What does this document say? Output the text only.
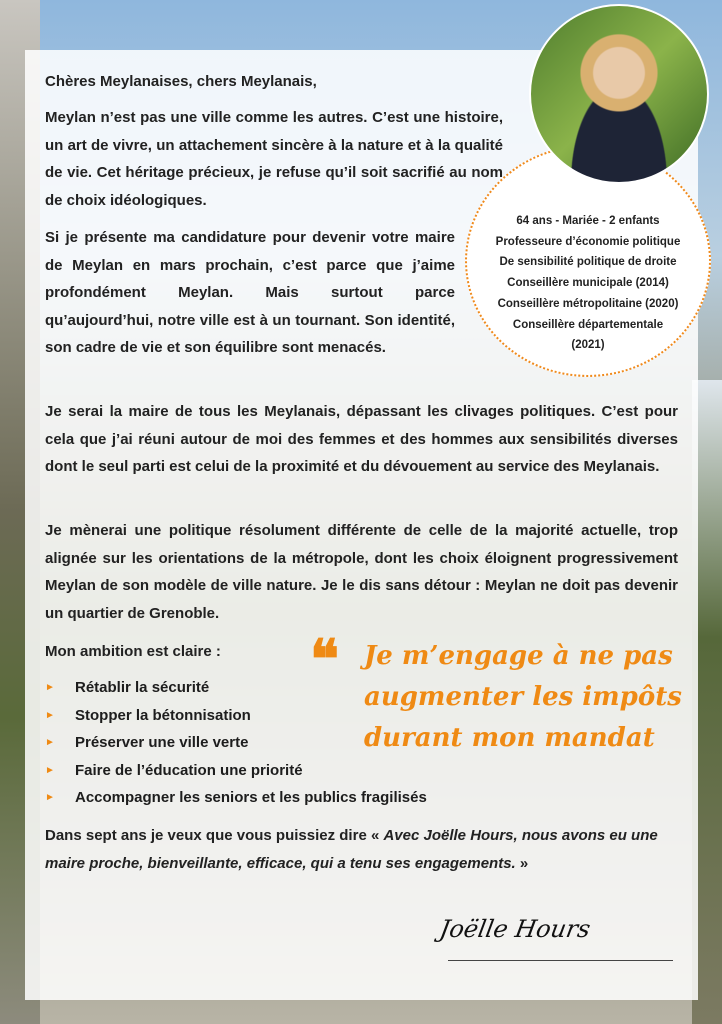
Chères Meylanaises, chers Meylanais,
Meylan n’est pas une ville comme les autres. C’est une histoire, un art de vivre, un attachement sincère à la nature et à la qualité de vie. Cet héritage précieux, je refuse qu’il soit sacrifié au nom de choix idéologiques.
Si je présente ma candidature pour devenir votre maire de Meylan en mars prochain, c’est parce que j’aime profondément Meylan. Mais surtout parce qu’aujourd’hui, notre ville est à un tournant. Son identité, son cadre de vie et son équilibre sont menacés.
Je serai la maire de tous les Meylanais, dépassant les clivages politiques. C’est pour cela que j’ai réuni autour de moi des femmes et des hommes aux sensibilités diverses dont le seul parti est celui de la proximité et du dévouement au service des Meylanais.
Je mènerai une politique résolument différente de celle de la majorité actuelle, trop alignée sur les orientations de la métropole, dont les choix éloignent progressivement Meylan de son modèle de ville nature. Je le dis sans détour : Meylan ne doit pas devenir un quartier de Grenoble.
Mon ambition est claire :
►	Rétablir la sécurité
►	Stopper la bétonnisation
►	Préserver une ville verte
►	Faire de l’éducation une priorité
►	Accompagner les seniors et les publics fragilisés
Dans sept ans je veux que vous puissiez dire « Avec Joëlle Hours, nous avons eu une maire proche, bienveillante, efficace, qui a tenu ses engagements. »
64 ans - Mariée - 2 enfants
Professeure d’économie politique
De sensibilité politique de droite
Conseillère municipale (2014)
Conseillère métropolitaine (2020)
Conseillère départementale
(2021)
❝ Je m’engage à ne pas
augmenter les impôts
durant mon mandat
Joëlle Hours
